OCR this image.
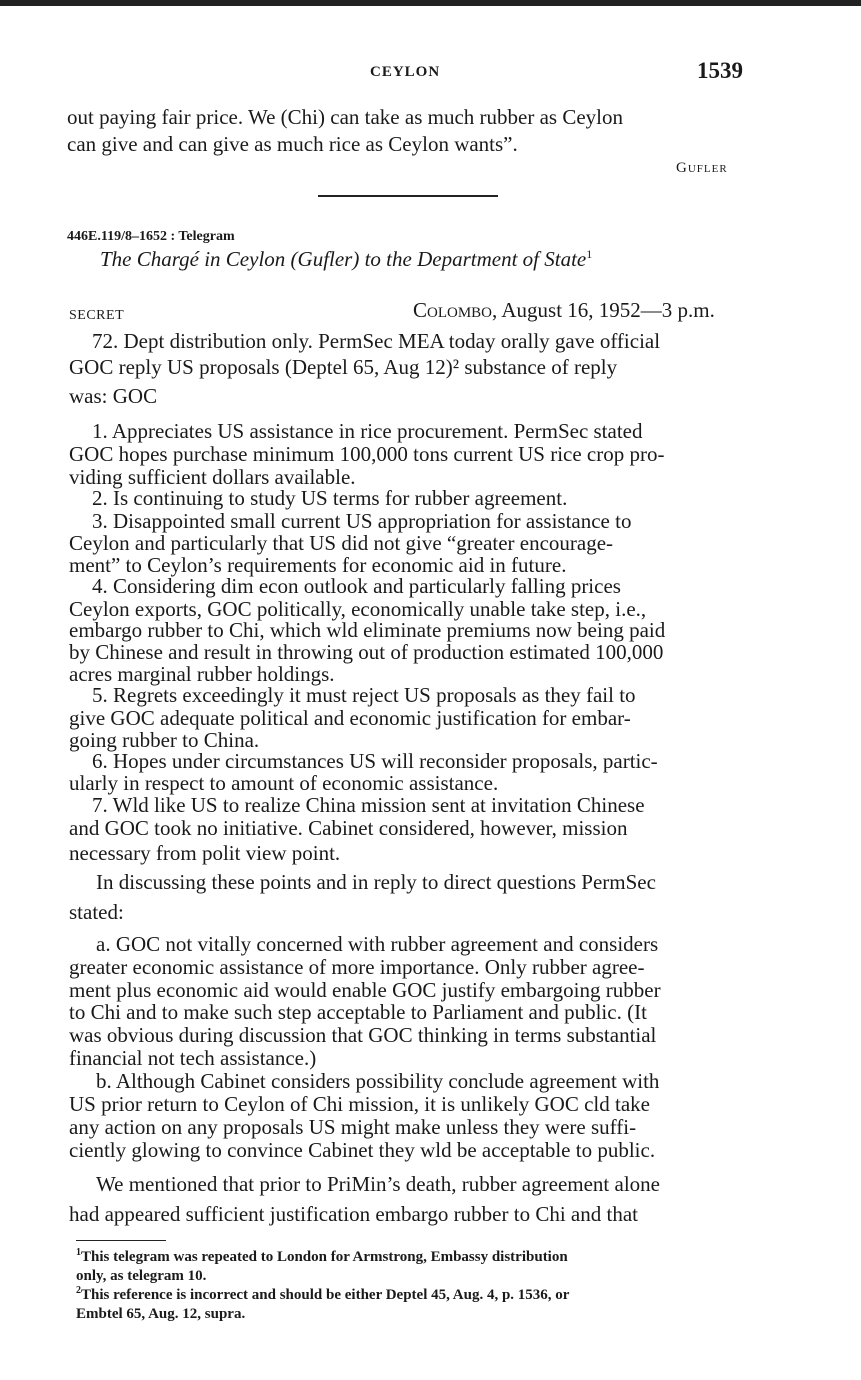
CEYLON	1539
out paying fair price. We (Chi) can take as much rubber as Ceylon
can give and can give as much rice as Ceylon wants”.
Gufler
446E.119/8–1652 : Telegram
The Chargé in Ceylon (Gufler) to the Department of State$^1$
SECRET	Colombo, August 16, 1952—3 p.m.
72. Dept distribution only. PermSec MEA today orally gave official
GOC reply US proposals (Deptel 65, Aug 12)² substance of reply
was: GOC
1. Appreciates US assistance in rice procurement. PermSec stated
GOC hopes purchase minimum 100,000 tons current US rice crop pro-
viding sufficient dollars available.
2. Is continuing to study US terms for rubber agreement.
3. Disappointed small current US appropriation for assistance to
Ceylon and particularly that US did not give “greater encourage-
ment” to Ceylon’s requirements for economic aid in future.
4. Considering dim econ outlook and particularly falling prices
Ceylon exports, GOC politically, economically unable take step, i.e.,
embargo rubber to Chi, which wld eliminate premiums now being paid
by Chinese and result in throwing out of production estimated 100,000
acres marginal rubber holdings.
5. Regrets exceedingly it must reject US proposals as they fail to
give GOC adequate political and economic justification for embar-
going rubber to China.
6. Hopes under circumstances US will reconsider proposals, partic-
ularly in respect to amount of economic assistance.
7. Wld like US to realize China mission sent at invitation Chinese
and GOC took no initiative. Cabinet considered, however, mission
necessary from polit view point.
In discussing these points and in reply to direct questions PermSec
stated:
a. GOC not vitally concerned with rubber agreement and considers
greater economic assistance of more importance. Only rubber agree-
ment plus economic aid would enable GOC justify embargoing rubber
to Chi and to make such step acceptable to Parliament and public. (It
was obvious during discussion that GOC thinking in terms substantial
financial not tech assistance.)
b. Although Cabinet considers possibility conclude agreement with
US prior return to Ceylon of Chi mission, it is unlikely GOC cld take
any action on any proposals US might make unless they were suffi-
ciently glowing to convince Cabinet they wld be acceptable to public.
We mentioned that prior to PriMin’s death, rubber agreement alone
had appeared sufficient justification embargo rubber to Chi and that
$^1$This telegram was repeated to London for Armstrong, Embassy distribution
only, as telegram 10.
$^2$This reference is incorrect and should be either Deptel 45, Aug. 4, p. 1536, or
Embtel 65, Aug. 12, supra.
